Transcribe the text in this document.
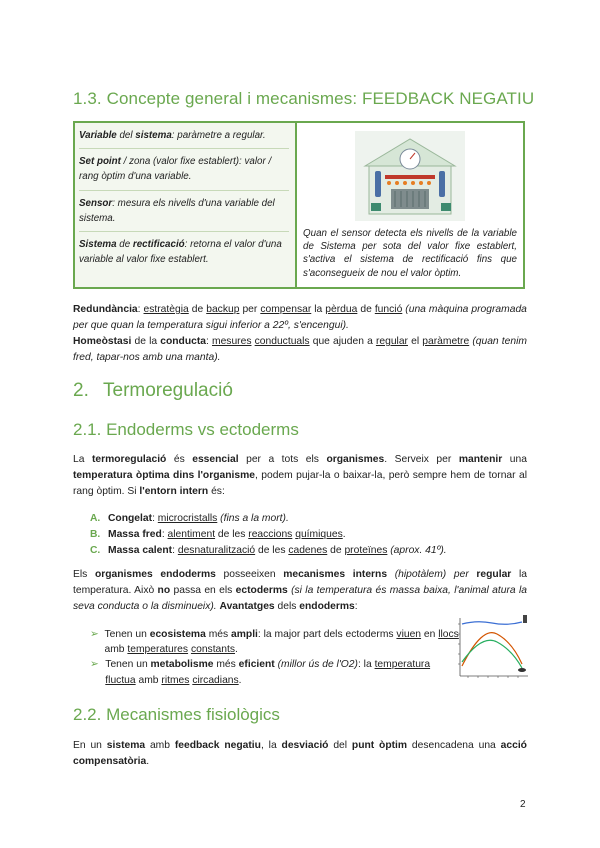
1.3. Concepte general i mecanismes: FEEDBACK NEGATIU
Variable del sistema: paràmetre a regular.
Set point / zona (valor fixe establert): valor / rang òptim d'una variable.
Sensor: mesura els nivells d'una variable del sistema.
Sistema de rectificació: retorna el valor d'una variable al valor fixe establert.
Quan el sensor detecta els nivells de la variable de Sistema per sota del valor fixe establert, s'activa el sistema de rectificació fins que s'aconsegueix de nou el valor òptim.
Redundància: estratègia de backup per compensar la pèrdua de funció (una màquina programada per que quan la temperatura sigui inferior a 22º, s'encengui).
Homeòstasi de la conducta: mesures conductuals que ajuden a regular el paràmetre (quan tenim fred, tapar-nos amb una manta).
2. Termoregulació
2.1. Endoderms vs ectoderms
La termoregulació és essencial per a tots els organismes. Serveix per mantenir una temperatura òptima dins l'organisme, podem pujar-la o baixar-la, però sempre hem de tornar al rang òptim. Si l'entorn intern és:
A. Congelat: microcristalls (fins a la mort).
B. Massa fred: alentiment de les reaccions químiques.
C. Massa calent: desnaturalització de les cadenes de proteïnes (aprox. 41º).
Els organismes endoderms posseeixen mecanismes interns (hipotàlem) per regular la temperatura. Això no passa en els ectoderms (si la temperatura és massa baixa, l'animal atura la seva conducta o la disminueix). Avantatges dels endoderms:
➢ Tenen un ecosistema més ampli: la major part dels ectoderms viuen en llocs amb temperatures constants.
➢ Tenen un metabolisme més eficient (millor ús de l'O2): la temperatura fluctua amb ritmes circadians.
2.2. Mecanismes fisiològics
En un sistema amb feedback negatiu, la desviació del punt òptim desencadena una acció compensatòria.
2
